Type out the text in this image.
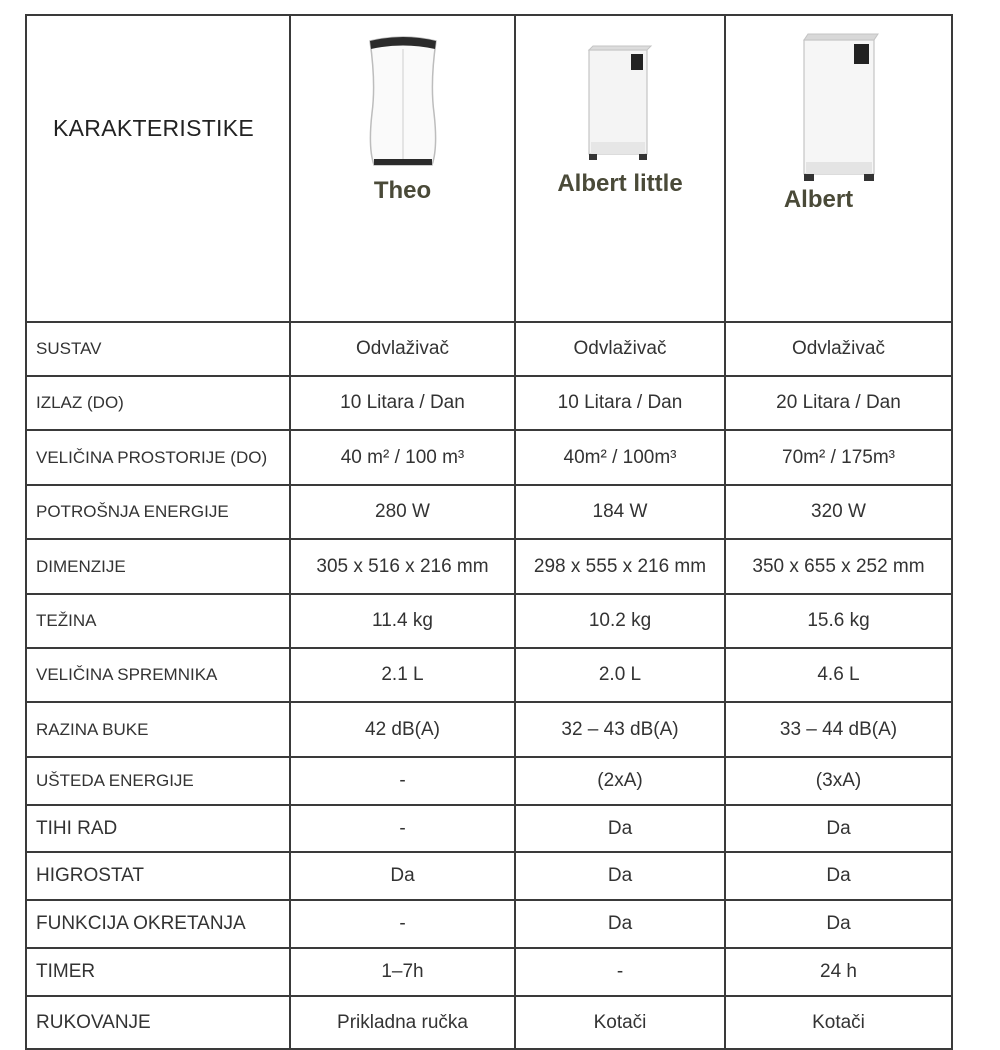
KARAKTERISTIKE	Theo	Albert little	Albert

SUSTAV	Odvlaživač	Odvlaživač	Odvlaživač
IZLAZ (DO)	10 Litara / Dan	10 Litara / Dan	20 Litara / Dan
VELIČINA PROSTORIJE (DO)	40 m² / 100 m³	40m² / 100m³	70m² / 175m³
POTROŠNJA ENERGIJE	280 W	184 W	320 W
DIMENZIJE	305 x 516 x 216 mm	298 x 555 x 216 mm	350 x 655 x 252 mm
TEŽINA	11.4 kg	10.2 kg	15.6 kg
VELIČINA SPREMNIKA	2.1 L	2.0 L	4.6 L
RAZINA BUKE	42 dB(A)	32 – 43 dB(A)	33 – 44 dB(A)
UŠTEDA ENERGIJE	-	(2xA)	(3xA)
TIHI RAD	-	Da	Da
HIGROSTAT	Da	Da	Da
FUNKCIJA OKRETANJA	-	Da	Da
TIMER	1–7h	-	24 h
RUKOVANJE	Prikladna ručka	Kotači	Kotači
